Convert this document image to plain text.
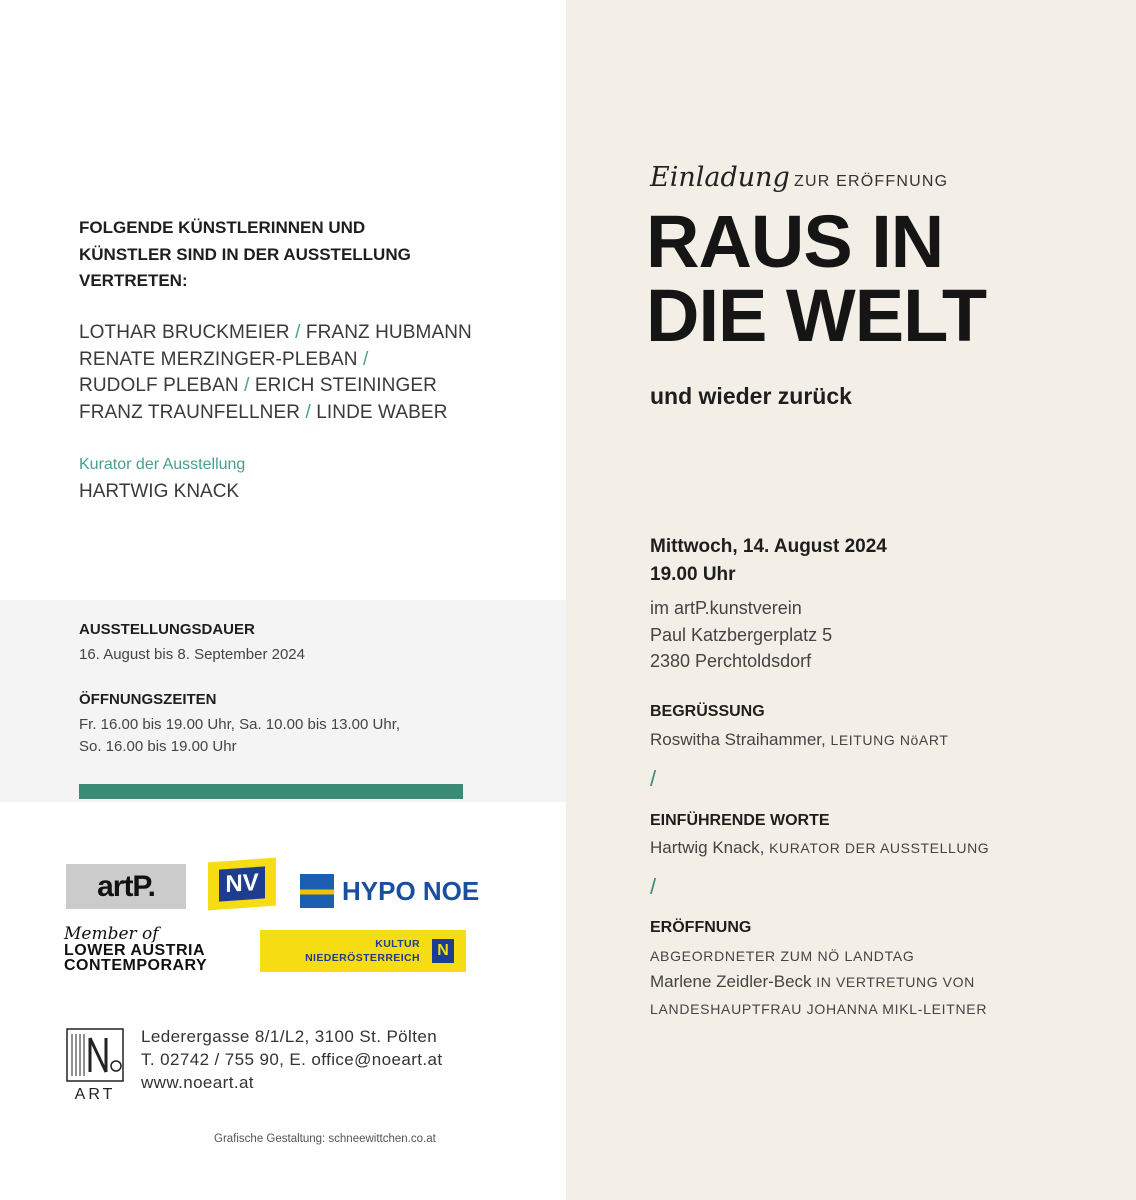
FOLGENDE KÜNSTLERINNEN UND
KÜNSTLER SIND IN DER AUSSTELLUNG
VERTRETEN:
LOTHAR BRUCKMEIER / FRANZ HUBMANN
RENATE MERZINGER-PLEBAN /
RUDOLF PLEBAN / ERICH STEININGER
FRANZ TRAUNFELLNER / LINDE WABER
Kurator der Ausstellung
HARTWIG KNACK
AUSSTELLUNGSDAUER
16. August bis 8. September 2024
ÖFFNUNGSZEITEN
Fr. 16.00 bis 19.00 Uhr, Sa. 10.00 bis 13.00 Uhr,
So. 16.00 bis 19.00 Uhr
artP.	NV	HYPO NOE
Member of
LOWER AUSTRIA
CONTEMPORARY
KULTUR
NIEDERÖSTERREICH	N
ART
Lederergasse 8/1/L2, 3100 St. Pölten
T. 02742 / 755 90, E. office@noeart.at
www.noeart.at
Grafische Gestaltung: schneewittchen.co.at
Einladung ZUR ERÖFFNUNG
RAUS IN
DIE WELT
und wieder zurück
Mittwoch, 14. August 2024
19.00 Uhr
im artP.kunstverein
Paul Katzbergerplatz 5
2380 Perchtoldsdorf
BEGRÜSSUNG
Roswitha Straihammer, LEITUNG NöART
/
EINFÜHRENDE WORTE
Hartwig Knack, KURATOR DER AUSSTELLUNG
/
ERÖFFNUNG
ABGEORDNETER ZUM NÖ LANDTAG
Marlene Zeidler-Beck IN VERTRETUNG VON
LANDESHAUPTFRAU JOHANNA MIKL-LEITNER
